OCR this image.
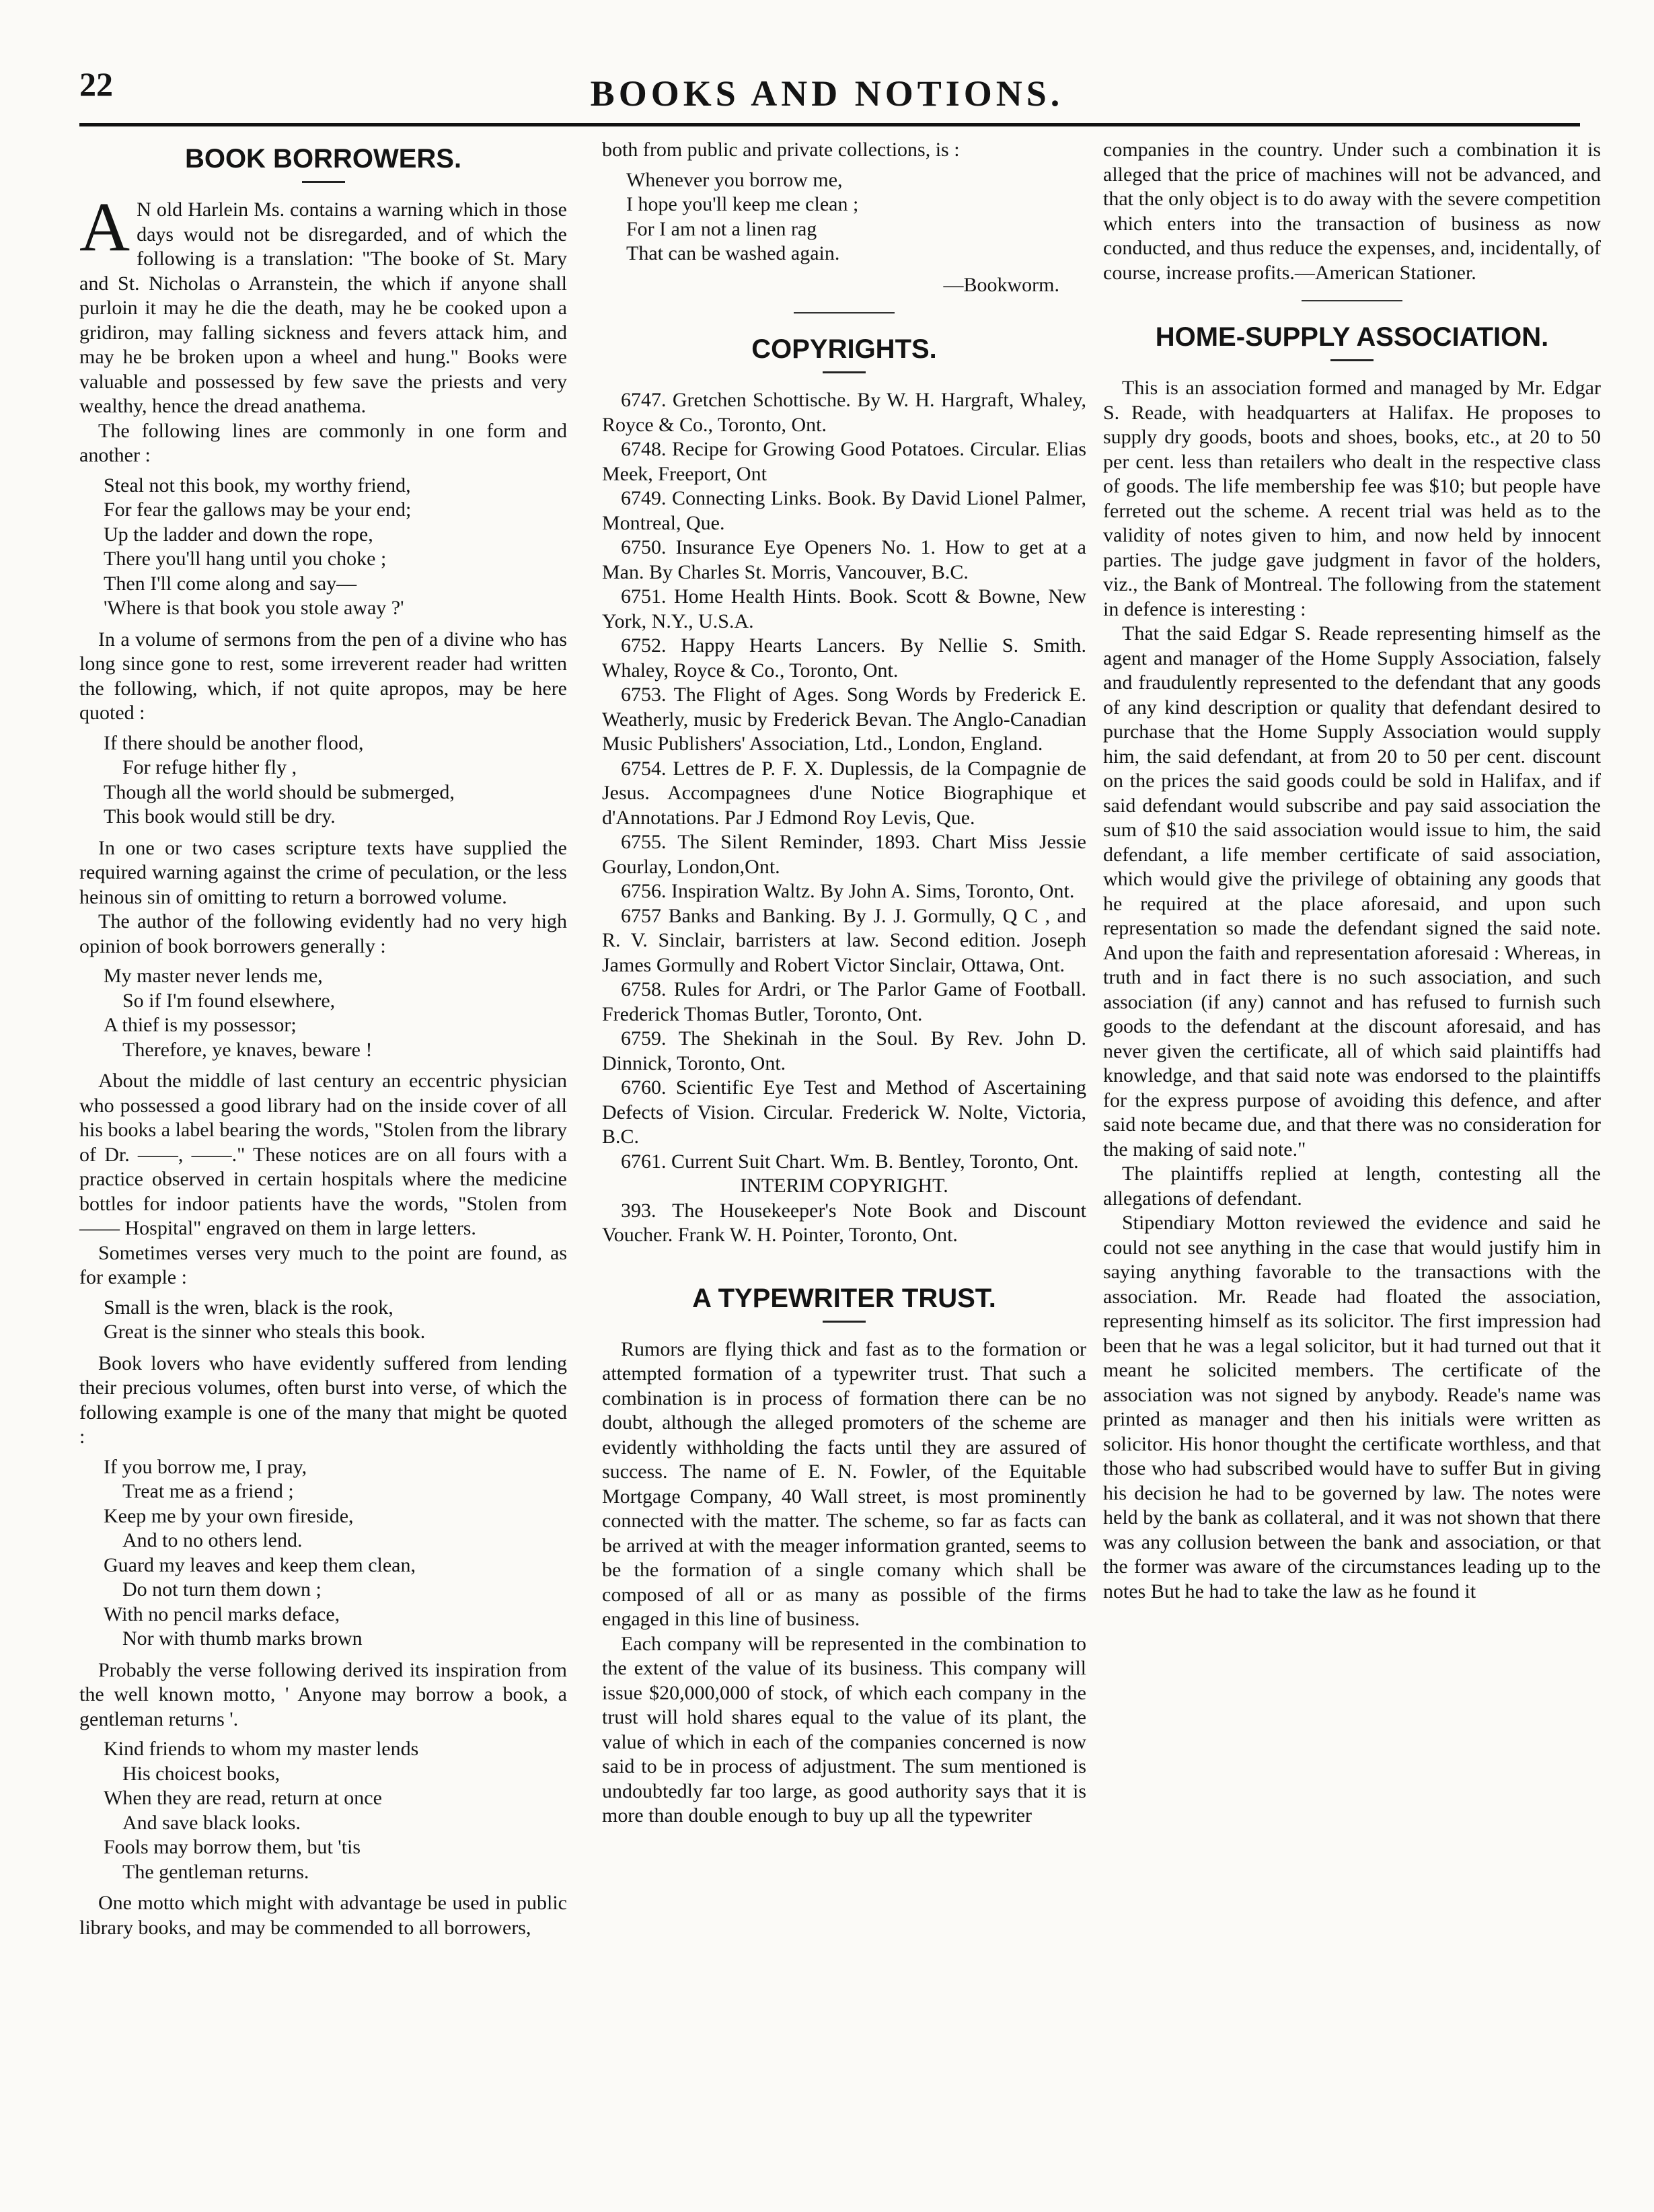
22	BOOKS AND NOTIONS.
BOOK BORROWERS.

A N old Harlein Ms. contains a warning which in those days would not be disregarded, and of which the following is a translation: "The booke of St. Mary and St. Nicholas o Arranstein, the which if anyone shall purloin it may he die the death, may he be cooked upon a gridiron, may falling sickness and fevers attack him, and may he be broken upon a wheel and hung." Books were valuable and possessed by few save the priests and very wealthy, hence the dread anathema.

The following lines are commonly in one form and another :

Steal not this book, my worthy friend,
For fear the gallows may be your end;
Up the ladder and down the rope,
There you'll hang until you choke ;
Then I'll come along and say—
'Where is that book you stole away ?'

In a volume of sermons from the pen of a divine who has long since gone to rest, some irreverent reader had written the following, which, if not quite apropos, may be here quoted :

If there should be another flood,
For refuge hither fly ,
Though all the world should be submerged,
This book would still be dry.

In one or two cases scripture texts have supplied the required warning against the crime of peculation, or the less heinous sin of omitting to return a borrowed volume.

The author of the following evidently had no very high opinion of book borrowers generally :

My master never lends me,
So if I'm found elsewhere,
A thief is my possessor;
Therefore, ye knaves, beware !

About the middle of last century an eccentric physician who possessed a good library had on the inside cover of all his books a label bearing the words, "Stolen from the library of Dr. ——, ——." These notices are on all fours with a practice observed in certain hospitals where the medicine bottles for indoor patients have the words, "Stolen from —— Hospital" engraved on them in large letters.

Sometimes verses very much to the point are found, as for example :

Small is the wren, black is the rook,
Great is the sinner who steals this book.

Book lovers who have evidently suffered from lending their precious volumes, often burst into verse, of which the following example is one of the many that might be quoted :

If you borrow me, I pray,
Treat me as a friend ;
Keep me by your own fireside,
And to no others lend.
Guard my leaves and keep them clean,
Do not turn them down ;
With no pencil marks deface,
Nor with thumb marks brown

Probably the verse following derived its inspiration from the well known motto, ' Anyone may borrow a book, a gentleman returns '.

Kind friends to whom my master lends
His choicest books,
When they are read, return at once
And save black looks.
Fools may borrow them, but 'tis
The gentleman returns.

One motto which might with advantage be used in public library books, and may be commended to all borrowers,

both from public and private collections, is :

Whenever you borrow me,
I hope you'll keep me clean ;
For I am not a linen rag
That can be washed again.
—Bookworm.
COPYRIGHTS.
6747. Gretchen Schottische. By W. H. Hargraft, Whaley, Royce & Co., Toronto, Ont.
6748. Recipe for Growing Good Potatoes. Circular. Elias Meek, Freeport, Ont
6749. Connecting Links. Book. By David Lionel Palmer, Montreal, Que.
6750. Insurance Eye Openers No. 1. How to get at a Man. By Charles St. Morris, Vancouver, B.C.
6751. Home Health Hints. Book. Scott & Bowne, New York, N.Y., U.S.A.
6752. Happy Hearts Lancers. By Nellie S. Smith. Whaley, Royce & Co., Toronto, Ont.
6753. The Flight of Ages. Song Words by Frederick E. Weatherly, music by Frederick Bevan. The Anglo-Canadian Music Publishers' Association, Ltd., London, England.
6754. Lettres de P. F. X. Duplessis, de la Compagnie de Jesus. Accompagnees d'une Notice Biographique et d'Annotations. Par J Edmond Roy Levis, Que.
6755. The Silent Reminder, 1893. Chart Miss Jessie Gourlay, London,Ont.
6756. Inspiration Waltz. By John A. Sims, Toronto, Ont.
6757 Banks and Banking. By J. J. Gormully, Q C , and R. V. Sinclair, barristers at law. Second edition. Joseph James Gormully and Robert Victor Sinclair, Ottawa, Ont.
6758. Rules for Ardri, or The Parlor Game of Football. Frederick Thomas Butler, Toronto, Ont.
6759. The Shekinah in the Soul. By Rev. John D. Dinnick, Toronto, Ont.
6760. Scientific Eye Test and Method of Ascertaining Defects of Vision. Circular. Frederick W. Nolte, Victoria, B.C.
6761. Current Suit Chart. Wm. B. Bentley, Toronto, Ont.
INTERIM COPYRIGHT.
393. The Housekeeper's Note Book and Discount Voucher. Frank W. H. Pointer, Toronto, Ont.
A TYPEWRITER TRUST.

Rumors are flying thick and fast as to the formation or attempted formation of a typewriter trust. That such a combination is in process of formation there can be no doubt, although the alleged promoters of the scheme are evidently withholding the facts until they are assured of success. The name of E. N. Fowler, of the Equitable Mortgage Company, 40 Wall street, is most prominently connected with the matter. The scheme, so far as facts can be arrived at with the meager information granted, seems to be the formation of a single comany which shall be composed of all or as many as possible of the firms engaged in this line of business.

Each company will be represented in the combination to the extent of the value of its business. This company will issue $20,000,000 of stock, of which each company in the trust will hold shares equal to the value of its plant, the value of which in each of the companies concerned is now said to be in process of adjustment. The sum mentioned is undoubtedly far too large, as good authority says that it is more than double enough to buy up all the typewriter

companies in the country. Under such a combination it is alleged that the price of machines will not be advanced, and that the only object is to do away with the severe competition which enters into the transaction of business as now conducted, and thus reduce the expenses, and, incidentally, of course, increase profits.—American Stationer.

HOME-SUPPLY ASSOCIATION.

This is an association formed and managed by Mr. Edgar S. Reade, with headquarters at Halifax. He proposes to supply dry goods, boots and shoes, books, etc., at 20 to 50 per cent. less than retailers who dealt in the respective class of goods. The life membership fee was $10; but people have ferreted out the scheme. A recent trial was held as to the validity of notes given to him, and now held by innocent parties. The judge gave judgment in favor of the holders, viz., the Bank of Montreal. The following from the statement in defence is interesting :

That the said Edgar S. Reade representing himself as the agent and manager of the Home Supply Association, falsely and fraudulently represented to the defendant that any goods of any kind description or quality that defendant desired to purchase that the Home Supply Association would supply him, the said defendant, at from 20 to 50 per cent. discount on the prices the said goods could be sold in Halifax, and if said defendant would subscribe and pay said association the sum of $10 the said association would issue to him, the said defendant, a life member certificate of said association, which would give the privilege of obtaining any goods that he required at the place aforesaid, and upon such representation so made the defendant signed the said note. And upon the faith and representation aforesaid : Whereas, in truth and in fact there is no such association, and such association (if any) cannot and has refused to furnish such goods to the defendant at the discount aforesaid, and has never given the certificate, all of which said plaintiffs had knowledge, and that said note was endorsed to the plaintiffs for the express purpose of avoiding this defence, and after said note became due, and that there was no consideration for the making of said note."

The plaintiffs replied at length, contesting all the allegations of defendant.

Stipendiary Motton reviewed the evidence and said he could not see anything in the case that would justify him in saying anything favorable to the transactions with the association. Mr. Reade had floated the association, representing himself as its solicitor. The first impression had been that he was a legal solicitor, but it had turned out that it meant he solicited members. The certificate of the association was not signed by anybody. Reade's name was printed as manager and then his initials were written as solicitor. His honor thought the certificate worthless, and that those who had subscribed would have to suffer But in giving his decision he had to be governed by law. The notes were held by the bank as collateral, and it was not shown that there was any collusion between the bank and association, or that the former was aware of the circumstances leading up to the notes But he had to take the law as he found it
